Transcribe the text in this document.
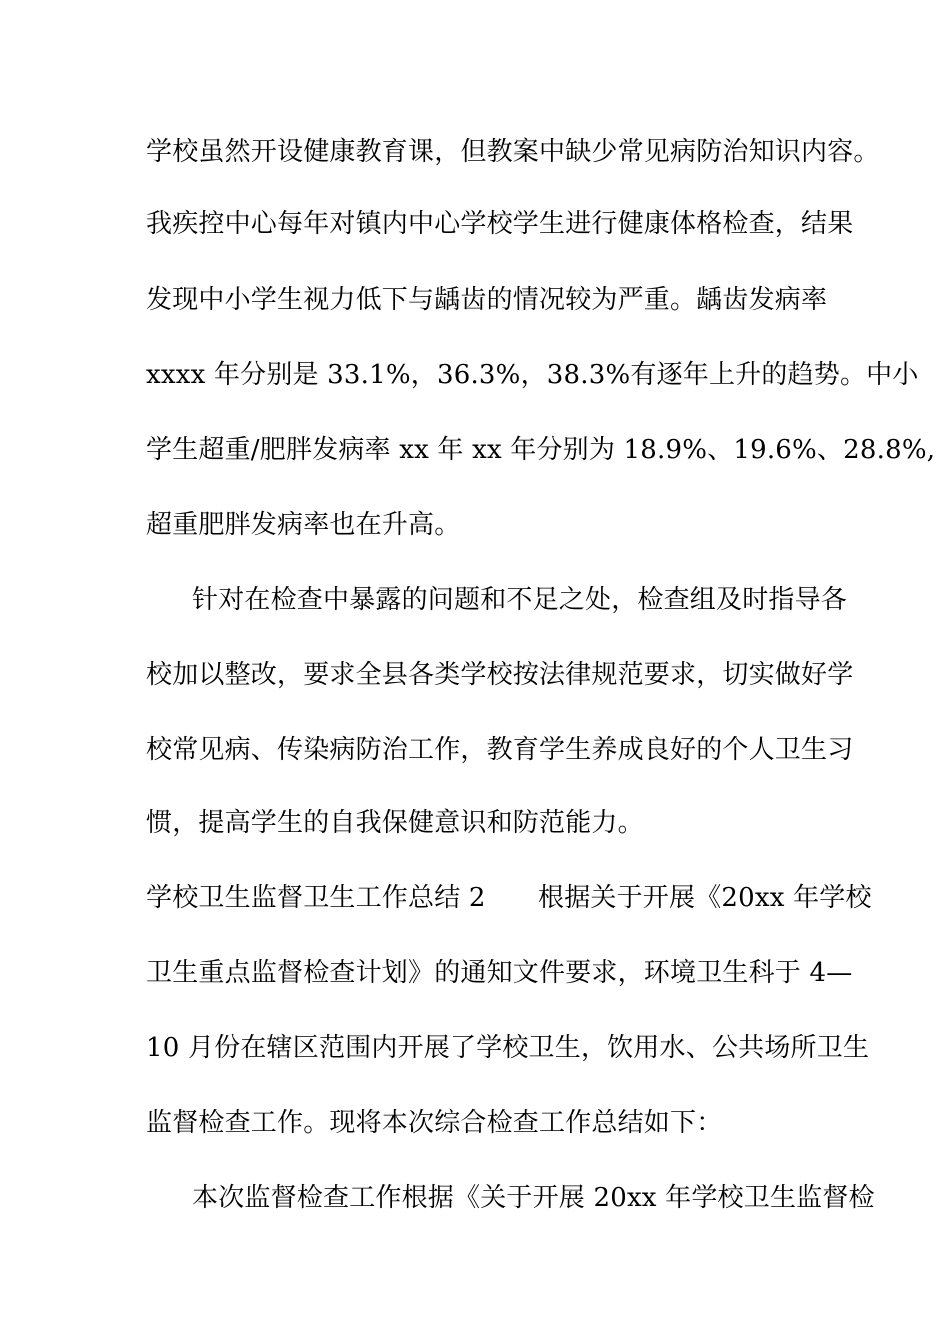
学校虽然开设健康教育课，但教案中缺少常见病防治知识内容。
我疾控中心每年对镇内中心学校学生进行健康体格检查，结果
发现中小学生视力低下与龋齿的情况较为严重。龋齿发病率
xxxx 年分别是 33.1%，36.3%，38.3%有逐年上升的趋势。中小
学生超重/肥胖发病率 xx 年 xx 年分别为 18.9%、19.6%、28.8%,
超重肥胖发病率也在升高。
针对在检查中暴露的问题和不足之处，检查组及时指导各
校加以整改，要求全县各类学校按法律规范要求，切实做好学
校常见病、传染病防治工作，教育学生养成良好的个人卫生习
惯，提高学生的自我保健意识和防范能力。
学校卫生监督卫生工作总结 2　　根据关于开展《20xx 年学校
卫生重点监督检查计划》的通知文件要求，环境卫生科于 4—
10 月份在辖区范围内开展了学校卫生，饮用水、公共场所卫生
监督检查工作。现将本次综合检查工作总结如下：
本次监督检查工作根据《关于开展 20xx 年学校卫生监督检
